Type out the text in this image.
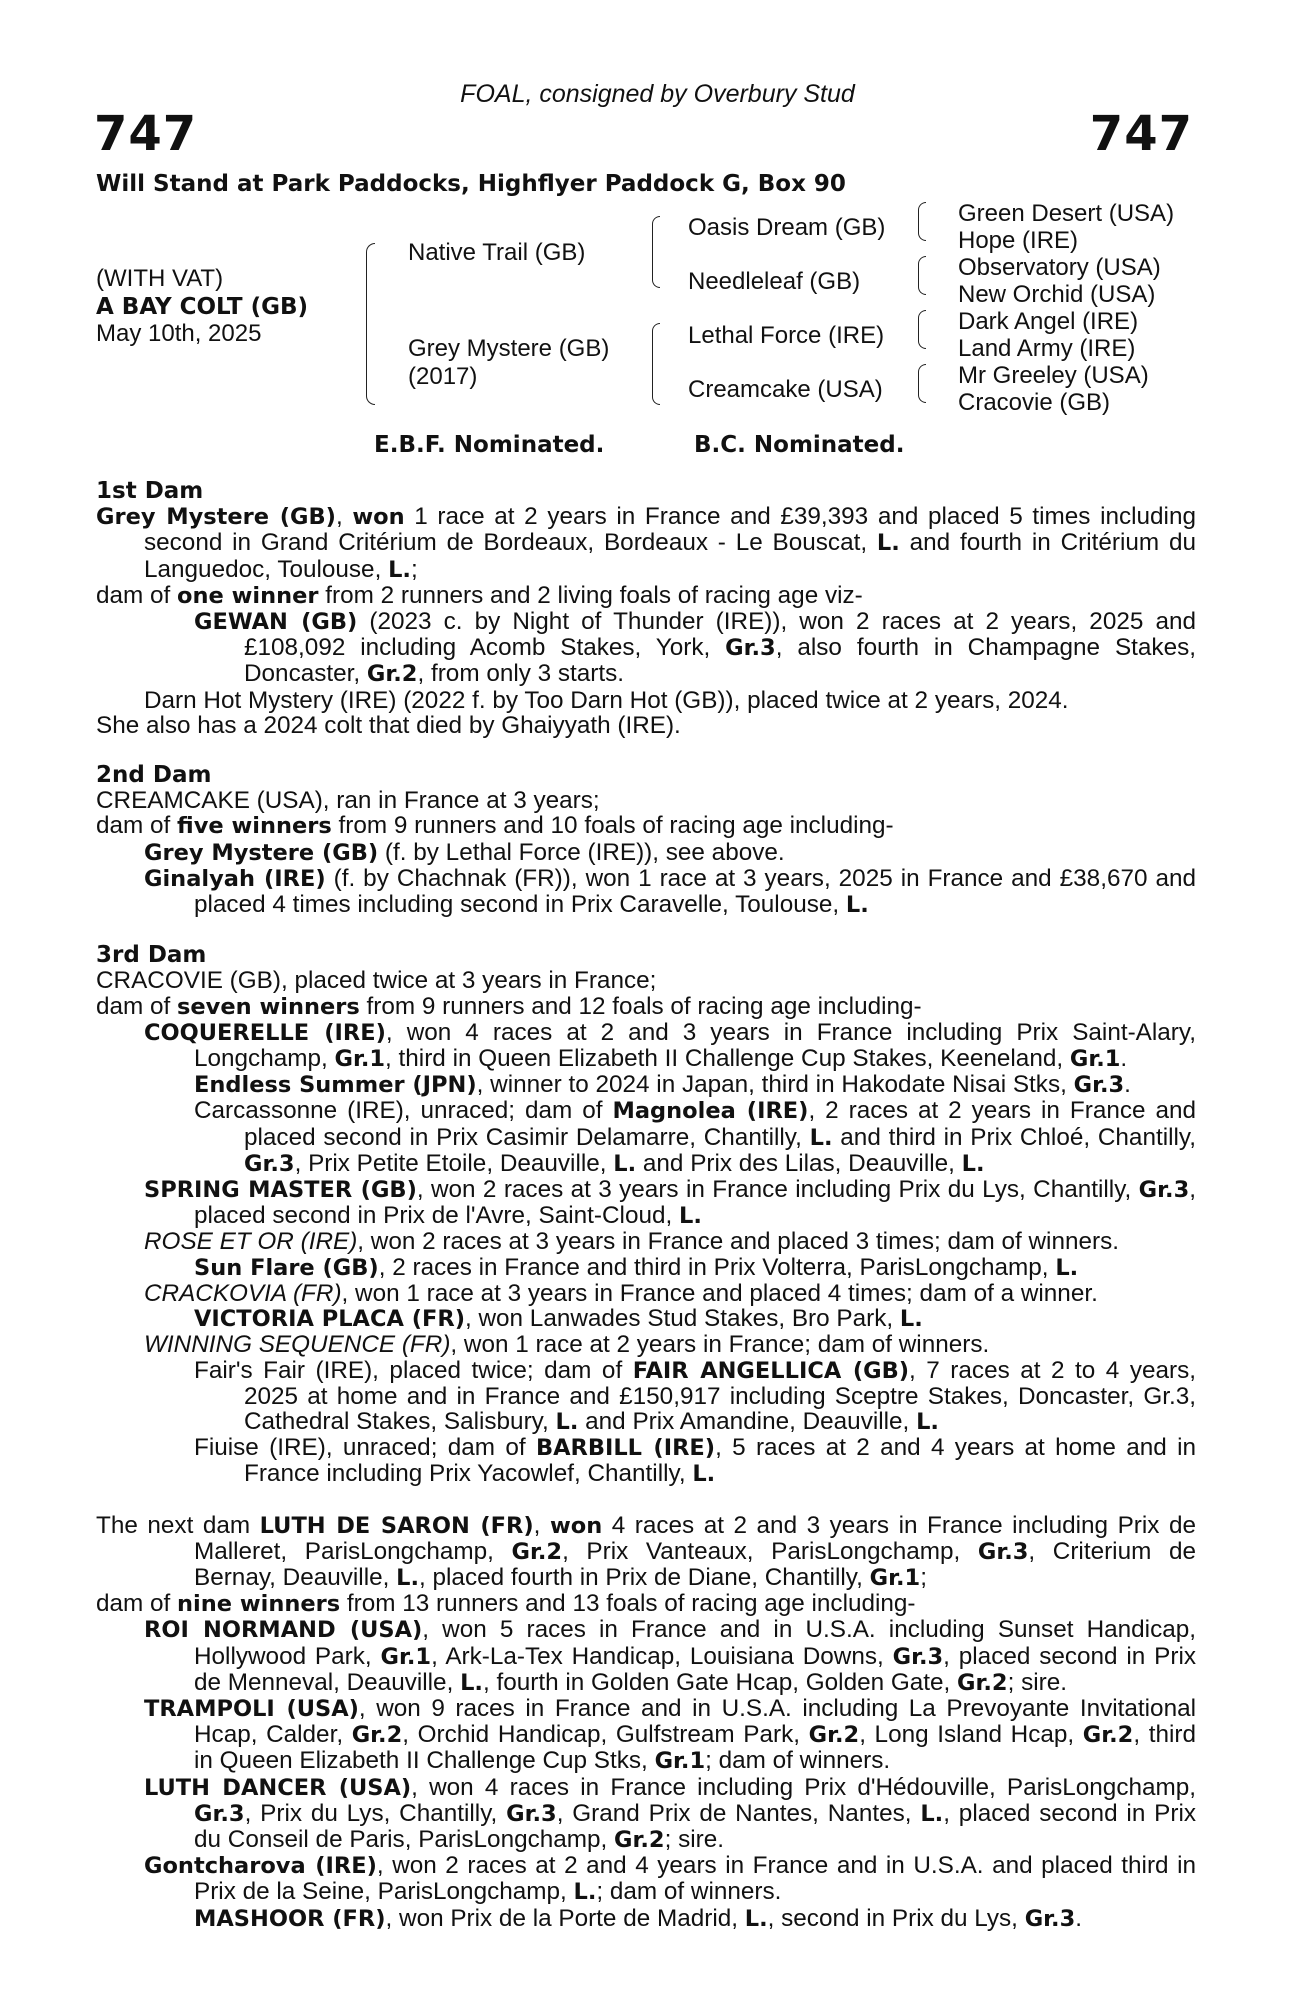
FOAL, consigned by Overbury Stud
747	747
Will Stand at Park Paddocks, Highflyer Paddock G, Box 90
(WITH VAT)
A BAY COLT (GB)
May 10th, 2025
Native Trail (GB)
Grey Mystere (GB)
(2017)
Oasis Dream (GB)
Needleleaf (GB)
Lethal Force (IRE)
Creamcake (USA)
Green Desert (USA)
Hope (IRE)
Observatory (USA)
New Orchid (USA)
Dark Angel (IRE)
Land Army (IRE)
Mr Greeley (USA)
Cracovie (GB)
E.B.F. Nominated.	B.C. Nominated.

1st Dam

Grey Mystere (GB), won 1 race at 2 years in France and £39,393 and placed 5 times including second in Grand Critérium de Bordeaux, Bordeaux - Le Bouscat, L. and fourth in Critérium du Languedoc, Toulouse, L.;

dam of one winner from 2 runners and 2 living foals of racing age viz-

GEWAN (GB) (2023 c. by Night of Thunder (IRE)), won 2 races at 2 years, 2025 and £108,092 including Acomb Stakes, York, Gr.3, also fourth in Champagne Stakes, Doncaster, Gr.2, from only 3 starts.

Darn Hot Mystery (IRE) (2022 f. by Too Darn Hot (GB)), placed twice at 2 years, 2024.

She also has a 2024 colt that died by Ghaiyyath (IRE).

2nd Dam

CREAMCAKE (USA), ran in France at 3 years;

dam of five winners from 9 runners and 10 foals of racing age including-

Grey Mystere (GB) (f. by Lethal Force (IRE)), see above.

Ginalyah (IRE) (f. by Chachnak (FR)), won 1 race at 3 years, 2025 in France and £38,670 and placed 4 times including second in Prix Caravelle, Toulouse, L.

3rd Dam

CRACOVIE (GB), placed twice at 3 years in France;

dam of seven winners from 9 runners and 12 foals of racing age including-

COQUERELLE (IRE), won 4 races at 2 and 3 years in France including Prix Saint-Alary, Longchamp, Gr.1, third in Queen Elizabeth II Challenge Cup Stakes, Keeneland, Gr.1.

Endless Summer (JPN), winner to 2024 in Japan, third in Hakodate Nisai Stks, Gr.3.

Carcassonne (IRE), unraced; dam of Magnolea (IRE), 2 races at 2 years in France and placed second in Prix Casimir Delamarre, Chantilly, L. and third in Prix Chloé, Chantilly, Gr.3, Prix Petite Etoile, Deauville, L. and Prix des Lilas, Deauville, L.

SPRING MASTER (GB), won 2 races at 3 years in France including Prix du Lys, Chantilly, Gr.3, placed second in Prix de l'Avre, Saint-Cloud, L.

ROSE ET OR (IRE), won 2 races at 3 years in France and placed 3 times; dam of winners.

Sun Flare (GB), 2 races in France and third in Prix Volterra, ParisLongchamp, L.

CRACKOVIA (FR), won 1 race at 3 years in France and placed 4 times; dam of a winner.

VICTORIA PLACA (FR), won Lanwades Stud Stakes, Bro Park, L.

WINNING SEQUENCE (FR), won 1 race at 2 years in France; dam of winners.

Fair's Fair (IRE), placed twice; dam of FAIR ANGELLICA (GB), 7 races at 2 to 4 years, 2025 at home and in France and £150,917 including Sceptre Stakes, Doncaster, Gr.3, Cathedral Stakes, Salisbury, L. and Prix Amandine, Deauville, L.

Fiuise (IRE), unraced; dam of BARBILL (IRE), 5 races at 2 and 4 years at home and in France including Prix Yacowlef, Chantilly, L.

The next dam LUTH DE SARON (FR), won 4 races at 2 and 3 years in France including Prix de Malleret, ParisLongchamp, Gr.2, Prix Vanteaux, ParisLongchamp, Gr.3, Criterium de Bernay, Deauville, L., placed fourth in Prix de Diane, Chantilly, Gr.1;

dam of nine winners from 13 runners and 13 foals of racing age including-

ROI NORMAND (USA), won 5 races in France and in U.S.A. including Sunset Handicap, Hollywood Park, Gr.1, Ark-La-Tex Handicap, Louisiana Downs, Gr.3, placed second in Prix de Menneval, Deauville, L., fourth in Golden Gate Hcap, Golden Gate, Gr.2; sire.

TRAMPOLI (USA), won 9 races in France and in U.S.A. including La Prevoyante Invitational Hcap, Calder, Gr.2, Orchid Handicap, Gulfstream Park, Gr.2, Long Island Hcap, Gr.2, third in Queen Elizabeth II Challenge Cup Stks, Gr.1; dam of winners.

LUTH DANCER (USA), won 4 races in France including Prix d'Hédouville, ParisLongchamp, Gr.3, Prix du Lys, Chantilly, Gr.3, Grand Prix de Nantes, Nantes, L., placed second in Prix du Conseil de Paris, ParisLongchamp, Gr.2; sire.

Gontcharova (IRE), won 2 races at 2 and 4 years in France and in U.S.A. and placed third in Prix de la Seine, ParisLongchamp, L.; dam of winners.

MASHOOR (FR), won Prix de la Porte de Madrid, L., second in Prix du Lys, Gr.3.
